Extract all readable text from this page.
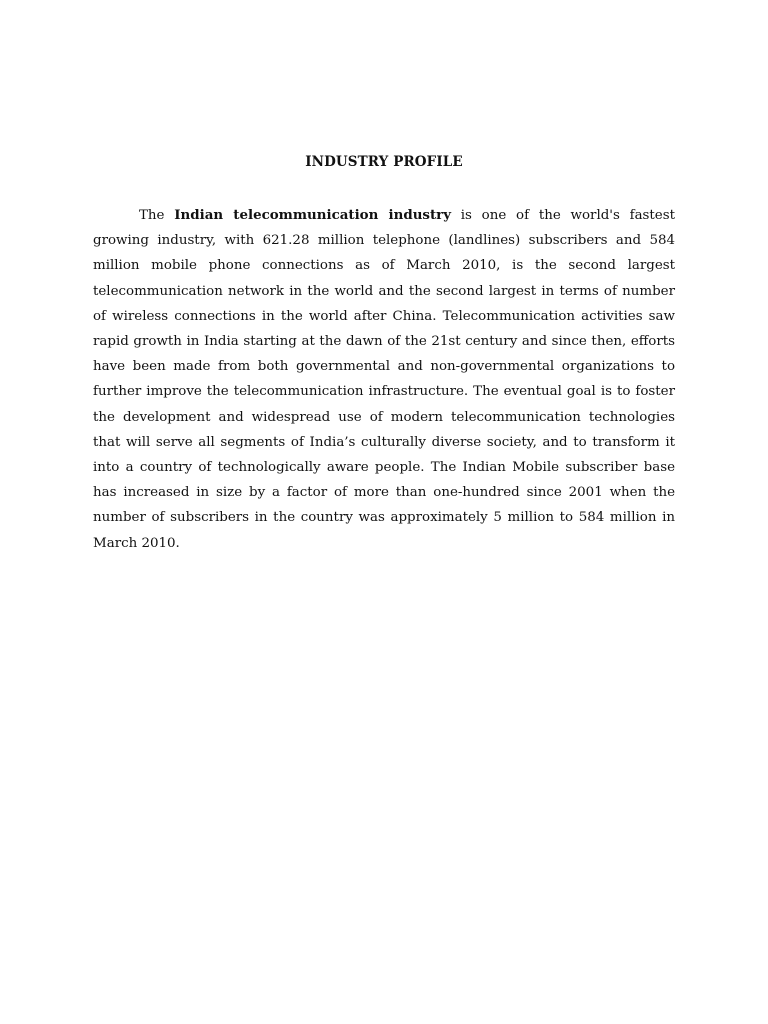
INDUSTRY PROFILE

The Indian telecommunication industry is one of the world's fastest growing industry, with 621.28 million telephone (landlines) subscribers and 584 million mobile phone connections as of March 2010, is the second largest telecommunication network in the world and the second largest in terms of number of wireless connections in the world after China. Telecommunication activities saw rapid growth in India starting at the dawn of the 21st century and since then, efforts have been made from both governmental and non-governmental organizations to further improve the telecommunication infrastructure. The eventual goal is to foster the development and widespread use of modern telecommunication technologies that will serve all segments of India’s culturally diverse society, and to transform it into a country of technologically aware people. The Indian Mobile subscriber base has increased in size by a factor of more than one-hundred since 2001 when the number of subscribers in the country was approximately 5 million to 584 million in March 2010.
